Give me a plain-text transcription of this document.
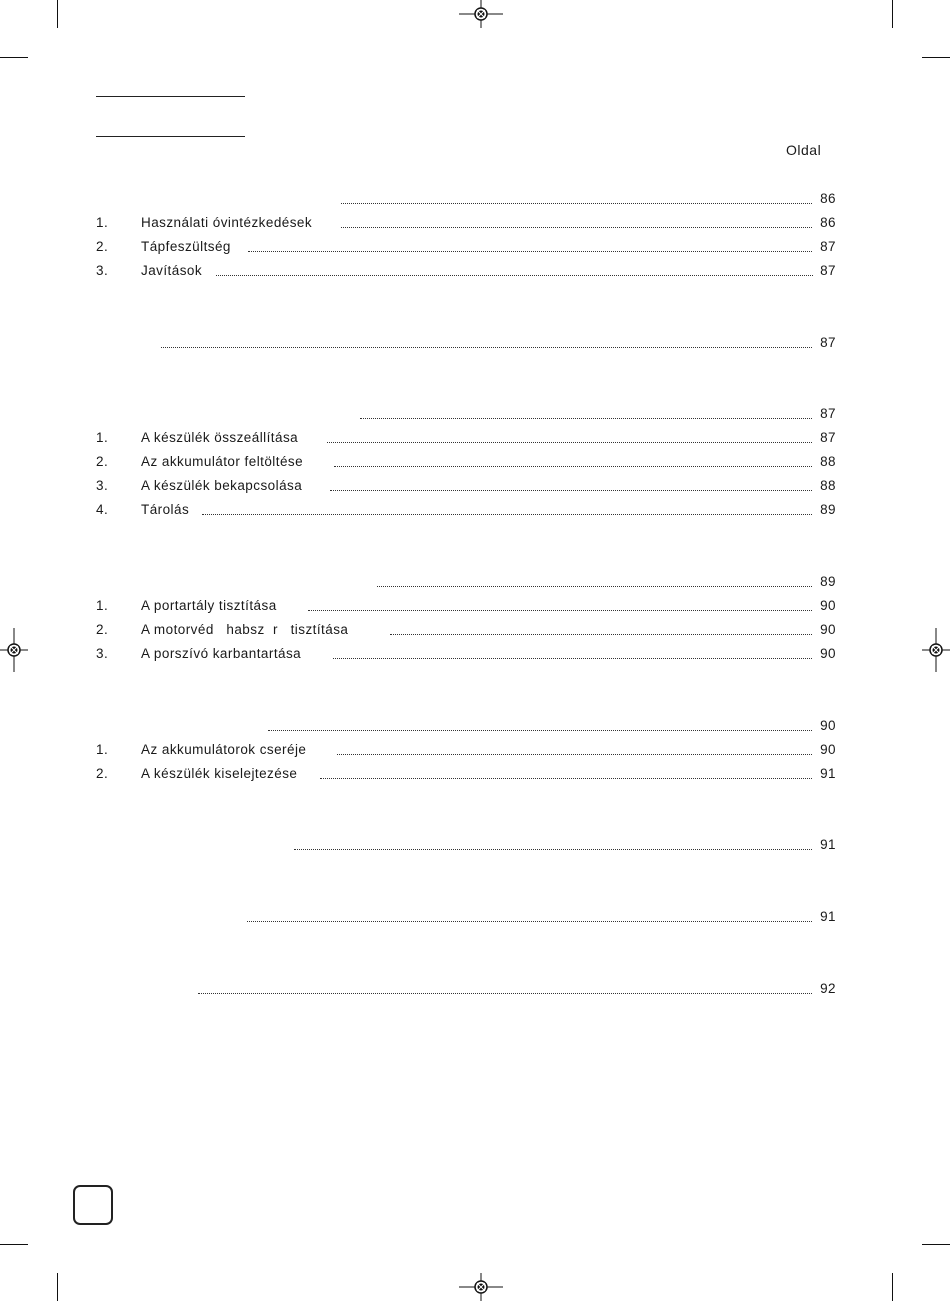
Oldal
86
1. Használati óvintézkedések	86
2. Tápfeszültség	87
3. Javítások	87
87
87
1. A készülék összeállítása	87
2. Az akkumulátor feltöltése	88
3. A készülék bekapcsolása	88
4. Tárolás	89
89
1. A portartály tisztítása	90
2. A motorvéd   habsz  r   tisztítása	90
3. A porszívó karbantartása	90
90
1. Az akkumulátorok cseréje	90
2. A készülék kiselejtezése	91
91
91
92
